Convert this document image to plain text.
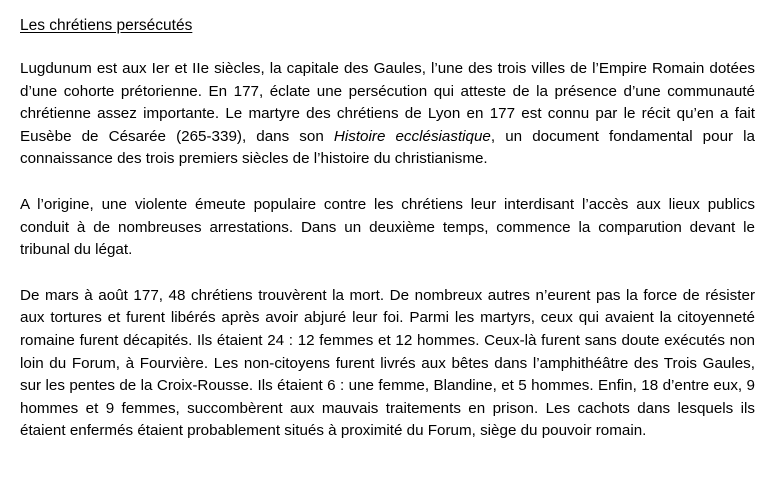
Les chrétiens persécutés

Lugdunum est aux Ier et IIe siècles, la capitale des Gaules, l’une des trois villes de l’Empire Romain dotées d’une cohorte prétorienne. En 177, éclate une persécution qui atteste de la présence d’une communauté chrétienne assez importante. Le martyre des chrétiens de Lyon en 177 est connu par le récit qu’en a fait Eusèbe de Césarée (265-339), dans son Histoire ecclésiastique, un document fondamental pour la connaissance des trois premiers siècles de l’histoire du christianisme.

A l’origine, une violente émeute populaire contre les chrétiens leur interdisant l’accès aux lieux publics conduit à de nombreuses arrestations. Dans un deuxième temps, commence la comparution devant le tribunal du légat.

De mars à août 177, 48 chrétiens trouvèrent la mort. De nombreux autres n’eurent pas la force de résister aux tortures et furent libérés après avoir abjuré leur foi. Parmi les martyrs, ceux qui avaient la citoyenneté romaine furent décapités. Ils étaient 24 : 12 femmes et 12 hommes. Ceux-là furent sans doute exécutés non loin du Forum, à Fourvière. Les non-citoyens furent livrés aux bêtes dans l’amphithéâtre des Trois Gaules, sur les pentes de la Croix-Rousse. Ils étaient 6 : une femme, Blandine, et 5 hommes. Enfin, 18 d’entre eux, 9 hommes et 9 femmes, succombèrent aux mauvais traitements en prison. Les cachots dans lesquels ils étaient enfermés étaient probablement situés à proximité du Forum, siège du pouvoir romain.
